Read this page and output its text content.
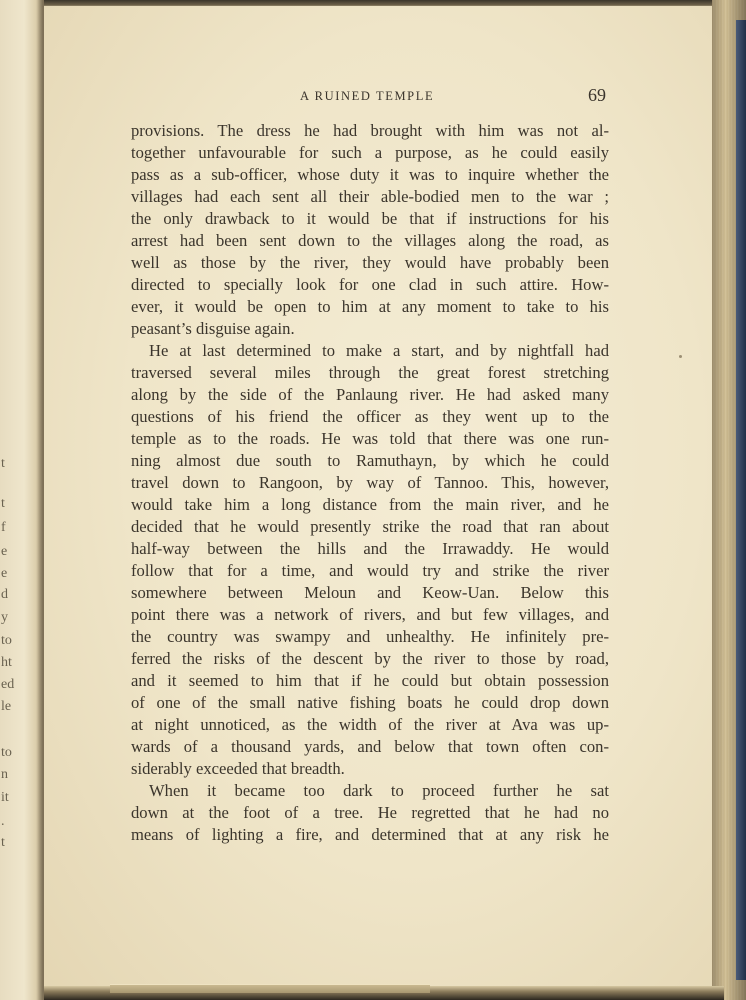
t
t
f
e
e
d
y
to
ht
ed
le
to
n
it
.
t
A RUINED TEMPLE	69
provisions. The dress he had brought with him was not al-
together unfavourable for such a purpose, as he could easily
pass as a sub-officer, whose duty it was to inquire whether the
villages had each sent all their able-bodied men to the war ;
the only drawback to it would be that if instructions for his
arrest had been sent down to the villages along the road, as
well as those by the river, they would have probably been
directed to specially look for one clad in such attire. How-
ever, it would be open to him at any moment to take to his
peasant’s disguise again.
He at last determined to make a start, and by nightfall had
traversed several miles through the great forest stretching
along by the side of the Panlaung river. He had asked many
questions of his friend the officer as they went up to the
temple as to the roads. He was told that there was one run-
ning almost due south to Ramuthayn, by which he could
travel down to Rangoon, by way of Tannoo. This, however,
would take him a long distance from the main river, and he
decided that he would presently strike the road that ran about
half-way between the hills and the Irrawaddy. He would
follow that for a time, and would try and strike the river
somewhere between Meloun and Keow-Uan. Below this
point there was a network of rivers, and but few villages, and
the country was swampy and unhealthy. He infinitely pre-
ferred the risks of the descent by the river to those by road,
and it seemed to him that if he could but obtain possession
of one of the small native fishing boats he could drop down
at night unnoticed, as the width of the river at Ava was up-
wards of a thousand yards, and below that town often con-
siderably exceeded that breadth.
When it became too dark to proceed further he sat
down at the foot of a tree. He regretted that he had no
means of lighting a fire, and determined that at any risk he
